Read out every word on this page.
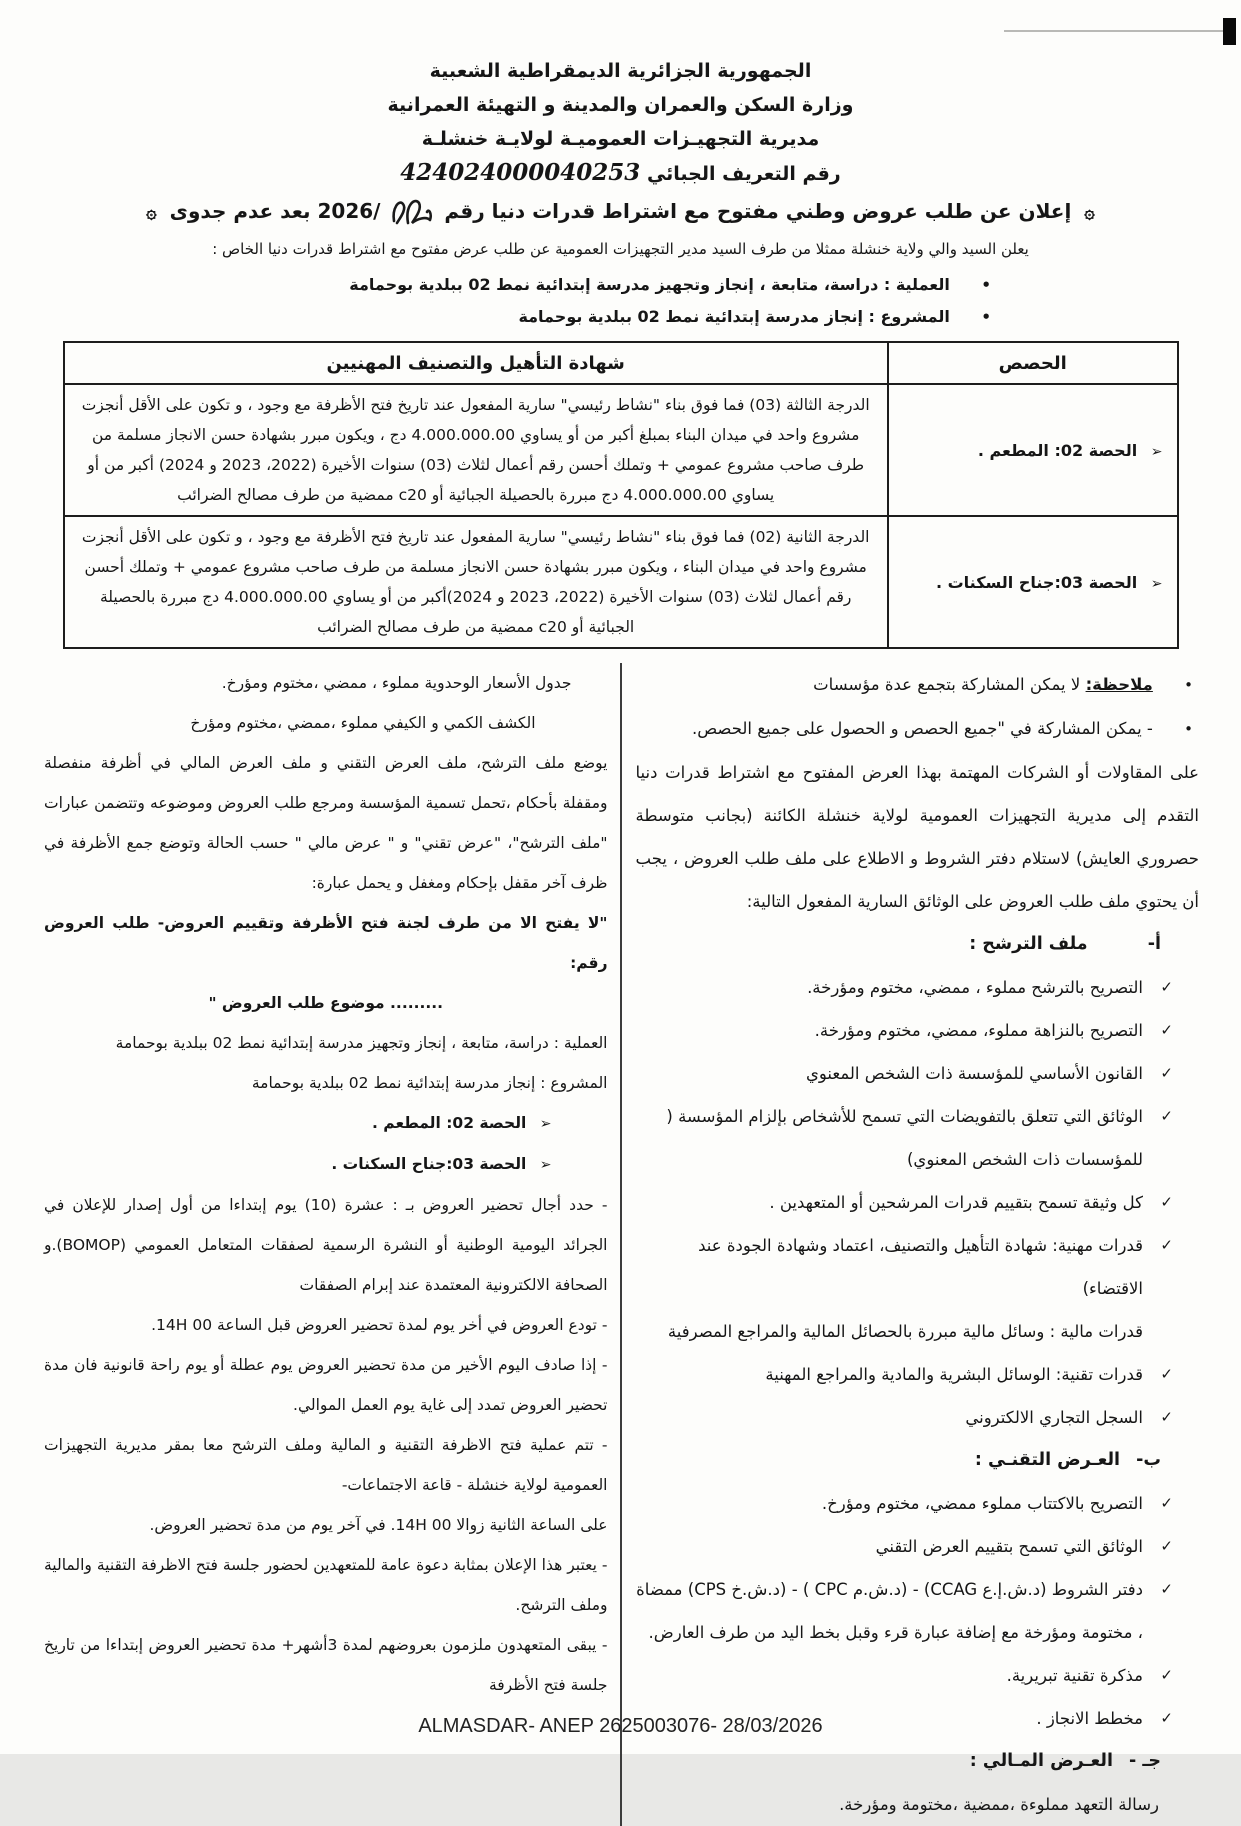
الجمهورية الجزائرية الديمقراطية الشعبية
وزارة السكن والعمران والمدينة و التهيئة العمرانية
مديرية التجهيـزات العموميـة لولايـة خنشلـة
رقم التعريف الجبائي 424024000040253
۞ إعلان عن طلب عروض وطني مفتوح مع اشتراط قدرات دنيا رقم  /2026 بعد عدم جدوى ۞
يعلن السيد والي ولاية خنشلة ممثلا من طرف السيد مدير التجهيزات العمومية عن طلب عرض مفتوح مع اشتراط قدرات دنيا الخاص :
• العملية : دراسة، متابعة ، إنجاز وتجهيز مدرسة إبتدائية نمط 02 ببلدية بوحمامة
• المشروع : إنجاز مدرسة إبتدائية نمط 02 ببلدية بوحمامة
الحصص	شهادة التأهيل والتصنيف المهنيين
➢ الحصة 02: المطعم .	الدرجة الثالثة (03) فما فوق بناء "نشاط رئيسي" سارية المفعول عند تاريخ فتح الأظرفة مع وجود ، و تكون على الأقل أنجزت مشروع واحد في ميدان البناء بمبلغ أكبر من أو يساوي 4.000.000.00 دج ، ويكون مبرر بشهادة حسن الانجاز مسلمة من طرف صاحب مشروع عمومي + وتملك أحسن رقم أعمال لثلاث (03) سنوات الأخيرة (2022، 2023 و 2024) أكبر من أو يساوي 4.000.000.00 دج مبررة بالحصيلة الجبائية أو c20 ممضية من طرف مصالح الضرائب
➢ الحصة 03:جناح السكنات .	الدرجة الثانية (02) فما فوق بناء "نشاط رئيسي" سارية المفعول عند تاريخ فتح الأظرفة مع وجود ، و تكون على الأقل أنجزت مشروع واحد في ميدان البناء ، ويكون مبرر بشهادة حسن الانجاز مسلمة من طرف صاحب مشروع عمومي + وتملك أحسن رقم أعمال لثلاث (03) سنوات الأخيرة (2022، 2023 و 2024)أكبر من أو يساوي 4.000.000.00 دج مبررة بالحصيلة الجبائية أو c20 ممضية من طرف مصالح الضرائب
• ملاحظة: لا يمكن المشاركة بتجمع عدة مؤسسات
• - يمكن المشاركة في "جميع الحصص و الحصول على جميع الحصص.
على المقاولات أو الشركات المهتمة بهذا العرض المفتوح مع اشتراط قدرات دنيا التقدم إلى مديرية التجهيزات العمومية لولاية خنشلة الكائنة (بجانب متوسطة حصروري العايش) لاستلام دفتر الشروط و الاطلاع على ملف طلب العروض ، يجب أن يحتوي ملف طلب العروض على الوثائق السارية المفعول التالية:
أ- ملف الترشح :
✓
التصريح بالترشح مملوء ، ممضي، مختوم ومؤرخة.
✓
التصريح بالنزاهة مملوء، ممضي، مختوم ومؤرخة.
✓
القانون الأساسي للمؤسسة ذات الشخص المعنوي
✓
الوثائق التي تتعلق بالتفويضات التي تسمح للأشخاص بإلزام المؤسسة ( للمؤسسات ذات الشخص المعنوي)
✓
كل وثيقة تسمح بتقييم قدرات المرشحين أو المتعهدين .
✓
قدرات مهنية: شهادة التأهيل والتصنيف، اعتماد وشهادة الجودة عند الاقتضاء)
قدرات مالية : وسائل مالية مبررة بالحصائل المالية والمراجع المصرفية
✓
قدرات تقنية: الوسائل البشرية والمادية والمراجع المهنية
✓
السجل التجاري الالكتروني
ب- العـرض التقنـي :
✓
التصريح بالاكتتاب مملوء ممضي، مختوم ومؤرخ.
✓
الوثائق التي تسمح بتقييم العرض التقني
✓
دفتر الشروط (د.ش.إ.ع CCAG) - (د.ش.م CPC ) - (د.ش.خ CPS) ممضاة ، مختومة ومؤرخة مع إضافة عبارة قرء وقبل بخط اليد من طرف العارض.
✓
مذكرة تقنية تبريرية.
✓
مخطط الانجاز .
جـ - العـرض المـالي :
رسالة التعهد مملوءة ،ممضية ،مختومة ومؤرخة.
جدول الأسعار الوحدوية مملوء ، ممضي ،مختوم ومؤرخ.
الكشف الكمي و الكيفي مملوء ،ممضي ،مختوم ومؤرخ
يوضع ملف الترشح، ملف العرض التقني و ملف العرض المالي في أظرفة منفصلة ومقفلة بأحكام ،تحمل تسمية المؤسسة ومرجع طلب العروض وموضوعه وتتضمن عبارات "ملف الترشح"، "عرض تقني" و " عرض مالي " حسب الحالة وتوضع جمع الأظرفة في ظرف آخر مقفل بإحكام ومغفل و يحمل عبارة:
"لا يفتح الا من طرف لجنة فتح الأظرفة وتقييم العروض- طلب العروض رقم:
......... موضوع طلب العروض "
العملية : دراسة، متابعة ، إنجاز وتجهيز مدرسة إبتدائية نمط 02 ببلدية بوحمامة
المشروع : إنجاز مدرسة إبتدائية نمط 02 ببلدية بوحمامة
➢ الحصة 02: المطعم .
➢ الحصة 03:جناح السكنات .
- حدد أجال تحضير العروض بـ : عشرة (10) يوم إبتداءا من أول إصدار للإعلان في الجرائد اليومية الوطنية أو النشرة الرسمية لصفقات المتعامل العمومي (BOMOP).و الصحافة الالكترونية المعتمدة عند إبرام الصفقات
- تودع العروض في أخر يوم لمدة تحضير العروض قبل الساعة 14H 00.
- إذا صادف اليوم الأخير من مدة تحضير العروض يوم عطلة أو يوم راحة قانونية فان مدة تحضير العروض تمدد إلى غاية يوم العمل الموالي.
- تتم عملية فتح الاظرفة التقنية و المالية وملف الترشح معا بمقر مديرية التجهيزات العمومية لولاية خنشلة - قاعة الاجتماعات-
على الساعة الثانية زوالا 14H 00. في آخر يوم من مدة تحضير العروض.
- يعتبر هذا الإعلان بمثابة دعوة عامة للمتعهدين لحضور جلسة فتح الاظرفة التقنية والمالية وملف الترشح.
- يبقى المتعهدون ملزمون بعروضهم لمدة 3أشهر+ مدة تحضير العروض إبتداءا من تاريخ جلسة فتح الأظرفة
ALMASDAR- ANEP 2625003076- 28/03/2026
